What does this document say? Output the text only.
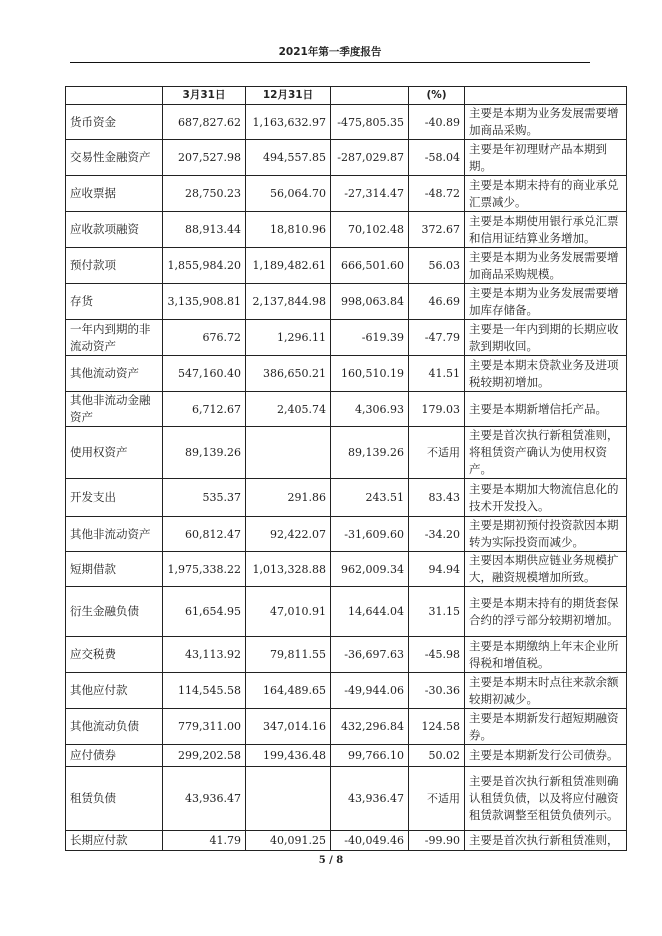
2021年第一季度报告
	3月31日	12月31日		(%)	
货币资金	687,827.62	1,163,632.97	-475,805.35	-40.89	主要是本期为业务发展需要增加商品采购。
交易性金融资产	207,527.98	494,557.85	-287,029.87	-58.04	主要是年初理财产品本期到期。
应收票据	28,750.23	56,064.70	-27,314.47	-48.72	主要是本期末持有的商业承兑汇票减少。
应收款项融资	88,913.44	18,810.96	70,102.48	372.67	主要是本期使用银行承兑汇票和信用证结算业务增加。
预付款项	1,855,984.20	1,189,482.61	666,501.60	56.03	主要是本期为业务发展需要增加商品采购规模。
存货	3,135,908.81	2,137,844.98	998,063.84	46.69	主要是本期为业务发展需要增加库存储备。
一年内到期的非流动资产	676.72	1,296.11	-619.39	-47.79	主要是一年内到期的长期应收款到期收回。
其他流动资产	547,160.40	386,650.21	160,510.19	41.51	主要是本期末贷款业务及进项税较期初增加。
其他非流动金融资产	6,712.67	2,405.74	4,306.93	179.03	主要是本期新增信托产品。
使用权资产	89,139.26		89,139.26	不适用	主要是首次执行新租赁准则，将租赁资产确认为使用权资产。
开发支出	535.37	291.86	243.51	83.43	主要是本期加大物流信息化的技术开发投入。
其他非流动资产	60,812.47	92,422.07	-31,609.60	-34.20	主要是期初预付投资款因本期转为实际投资而减少。
短期借款	1,975,338.22	1,013,328.88	962,009.34	94.94	主要因本期供应链业务规模扩大，融资规模增加所致。
衍生金融负债	61,654.95	47,010.91	14,644.04	31.15	主要是本期末持有的期货套保合约的浮亏部分较期初增加。
应交税费	43,113.92	79,811.55	-36,697.63	-45.98	主要是本期缴纳上年末企业所得税和增值税。
其他应付款	114,545.58	164,489.65	-49,944.06	-30.36	主要是本期末时点往来款余额较期初减少。
其他流动负债	779,311.00	347,014.16	432,296.84	124.58	主要是本期新发行超短期融资券。
应付债券	299,202.58	199,436.48	99,766.10	50.02	主要是本期新发行公司债券。
租赁负债	43,936.47		43,936.47	不适用	主要是首次执行新租赁准则确认租赁负债，以及将应付融资租赁款调整至租赁负债列示。
长期应付款	41.79	40,091.25	-40,049.46	-99.90	主要是首次执行新租赁准则，
5 / 8
